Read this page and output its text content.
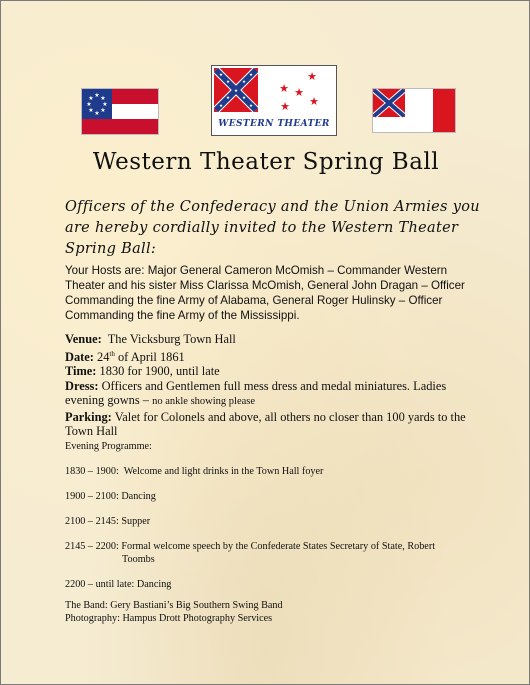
★ ★
★
★
★
★
★
★
★
★
★
★
★
★
★
★
★
★
★ ★
★
★
WESTERN THEATER
Western Theater Spring Ball
Officers of the Confederacy and the Union Armies you are hereby cordially invited to the Western Theater Spring Ball:
Your Hosts are: Major General Cameron McOmish – Commander Western Theater and his sister Miss Clarissa McOmish, General John Dragan – Officer Commanding the fine Army of Alabama, General Roger Hulinsky – Officer Commanding the fine Army of the Mississippi.

Venue: The Vicksburg Town Hall

Date: 24th of April 1861

Time: 1830 for 1900, until late

Dress: Officers and Gentlemen full mess dress and medal miniatures. Ladies evening gowns – no ankle showing please

Parking: Valet for Colonels and above, all others no closer than 100 yards to the Town Hall

Evening Programme:
1830 – 1900: Welcome and light drinks in the Town Hall foyer
1900 – 2100: Dancing
2100 – 2145: Supper
2145 – 2200: Formal welcome speech by the Confederate States Secretary of State, Robert
Toombs
2200 – until late: Dancing
The Band: Gery Bastiani’s Big Southern Swing Band
Photography: Hampus Drott Photography Services
